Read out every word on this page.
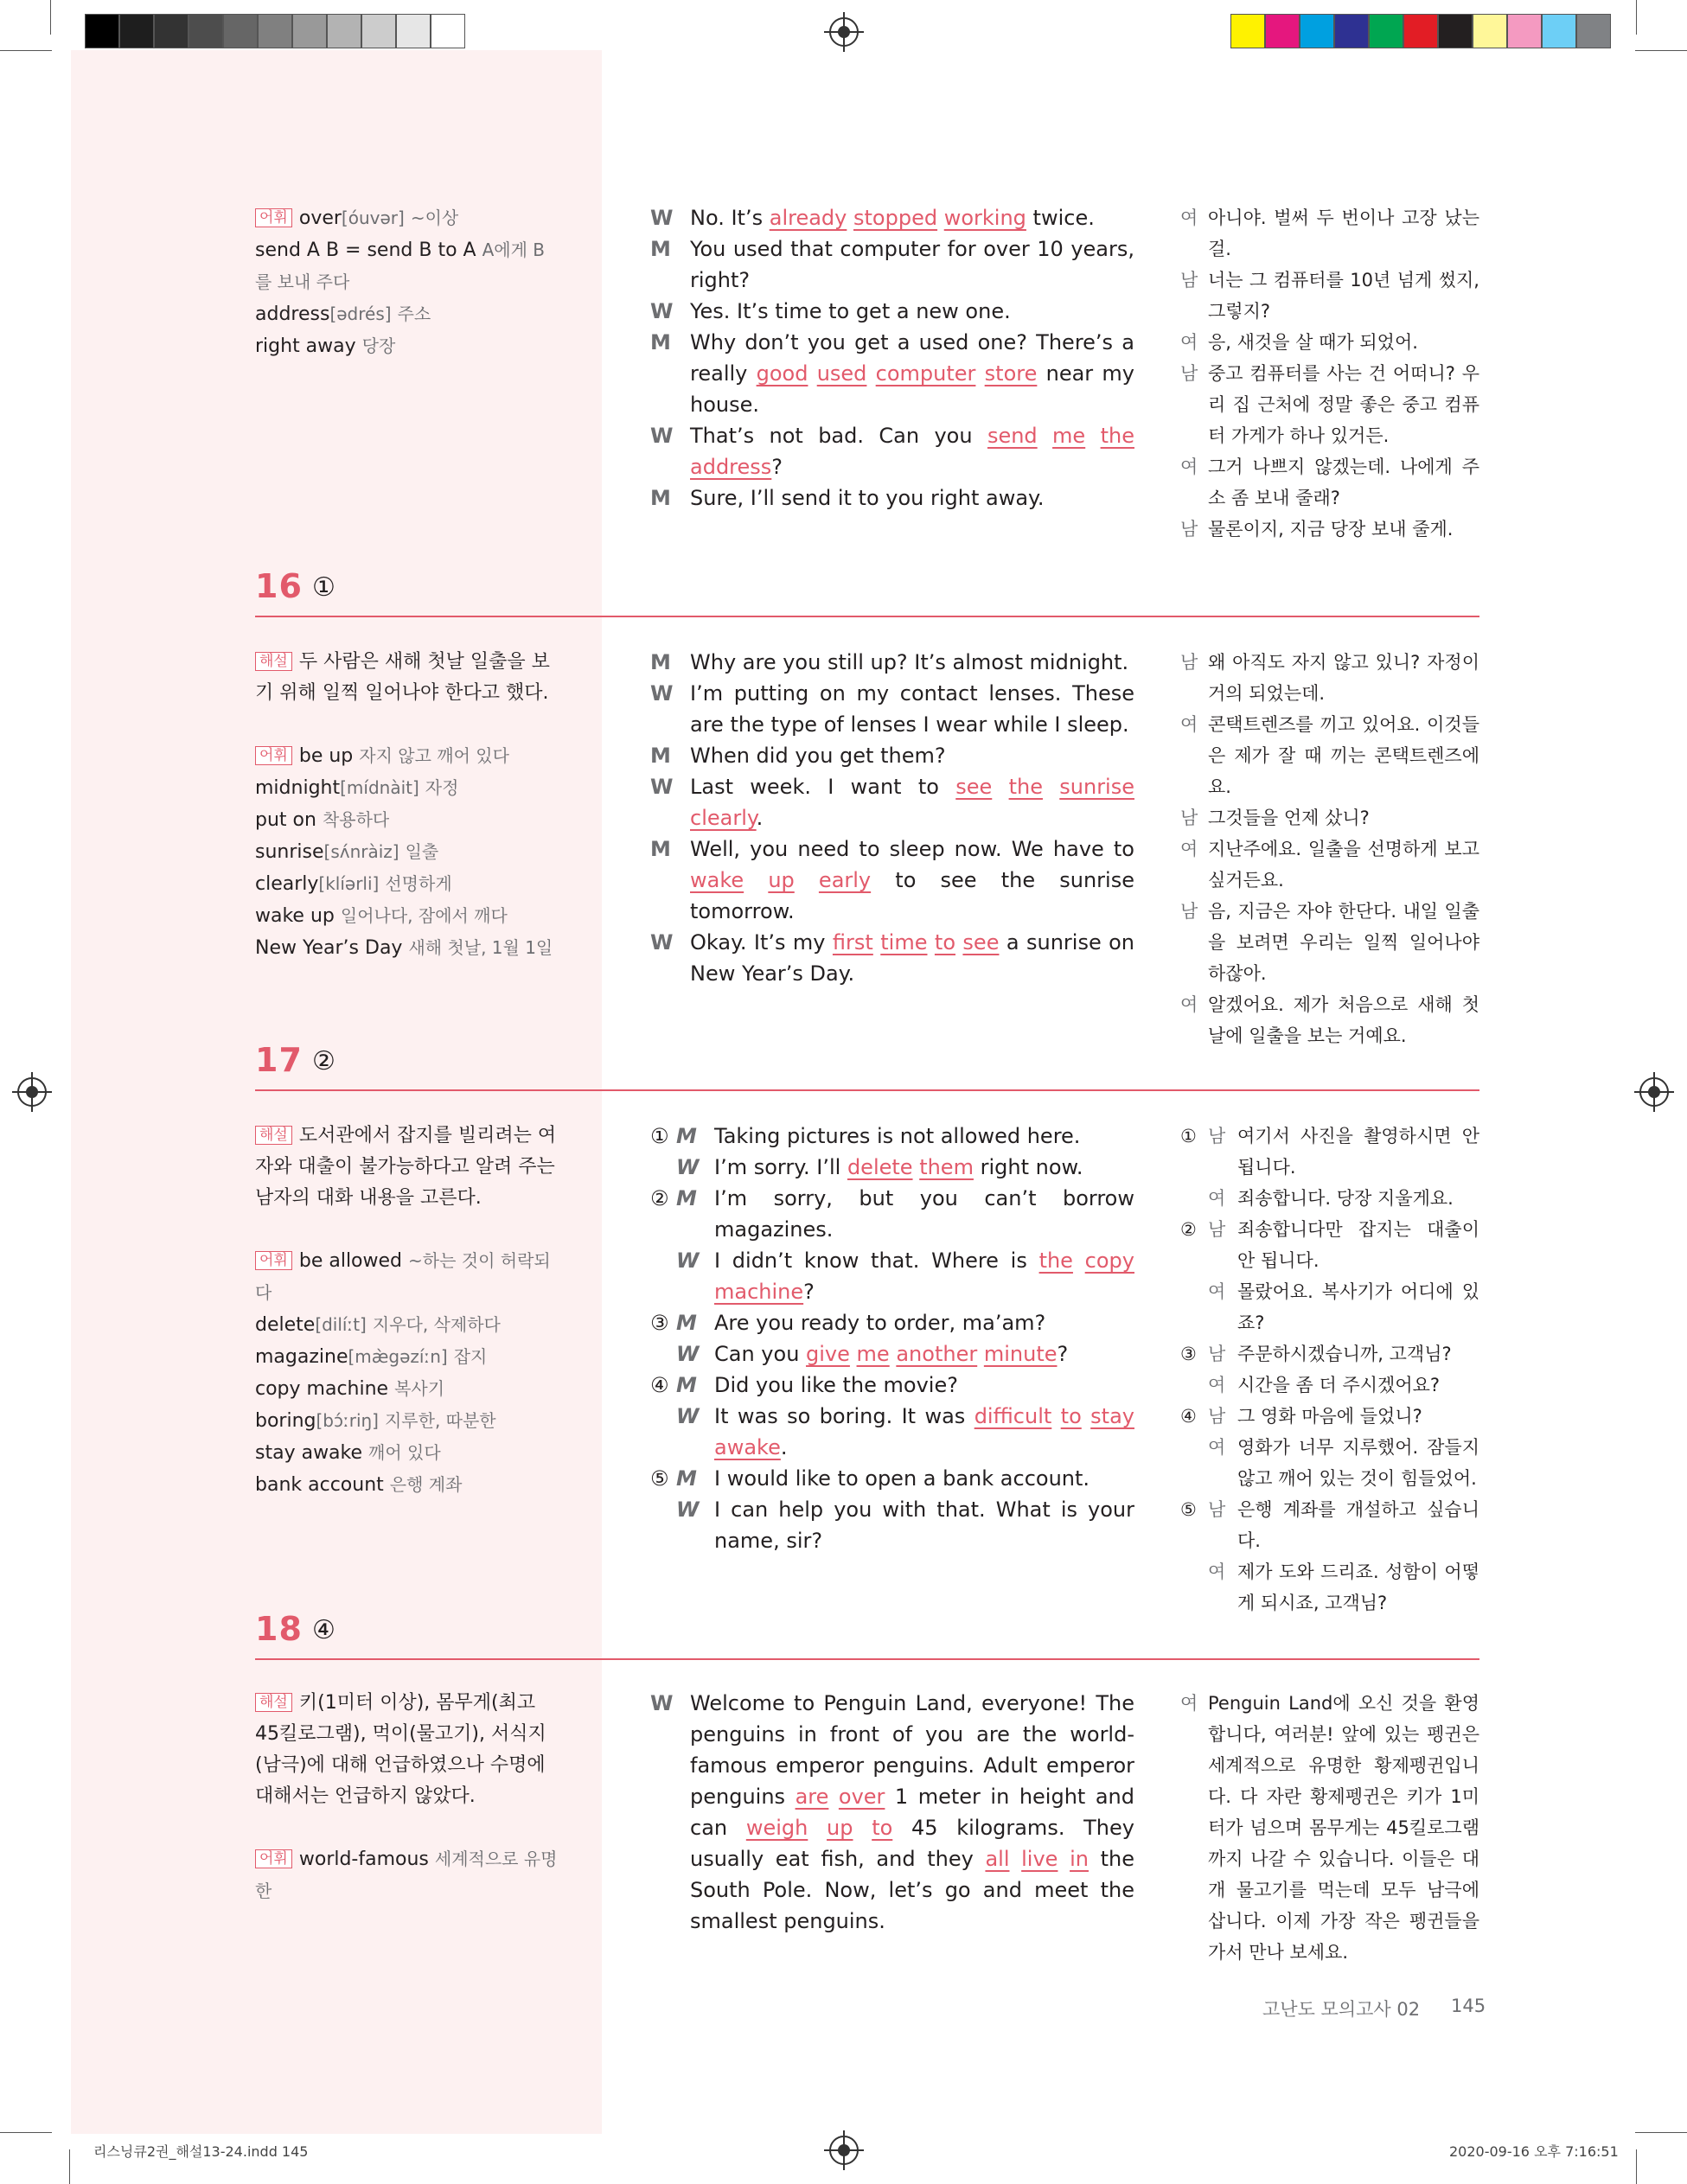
어휘 over[óuvər] ~이상
send A B = send B to A A에게 B를 보내 주다
address[ədrés] 주소
right away 당장
W No. It’s already stopped working twice.
M You used that computer for over 10 years, right?
W Yes. It’s time to get a new one.
M Why don’t you get a used one? There’s a really good used computer store near my house.
W That’s not bad. Can you send me the address?
M Sure, I’ll send it to you right away.
여 아니야. 벌써 두 번이나 고장 났는걸.
남 너는 그 컴퓨터를 10년 넘게 썼지, 그렇지?
여 응, 새것을 살 때가 되었어.
남 중고 컴퓨터를 사는 건 어떠니? 우리 집 근처에 정말 좋은 중고 컴퓨터 가게가 하나 있거든.
여 그거 나쁘지 않겠는데. 나에게 주소 좀 보내 줄래?
남 물론이지, 지금 당장 보내 줄게.
16 ①
해설 두 사람은 새해 첫날 일출을 보기 위해 일찍 일어나야 한다고 했다.
어휘 be up 자지 않고 깨어 있다
midnight[mídnàit] 자정
put on 착용하다
sunrise[sʌ́nràiz] 일출
clearly[klíərli] 선명하게
wake up 일어나다, 잠에서 깨다
New Year’s Day 새해 첫날, 1월 1일
M Why are you still up? It’s almost midnight.
W I’m putting on my contact lenses. These are the type of lenses I wear while I sleep.
M When did you get them?
W Last week. I want to see the sunrise clearly.
M Well, you need to sleep now. We have to wake up early to see the sunrise tomorrow.
W Okay. It’s my first time to see a sunrise on New Year’s Day.
남 왜 아직도 자지 않고 있니? 자정이 거의 되었는데.
여 콘택트렌즈를 끼고 있어요. 이것들은 제가 잘 때 끼는 콘택트렌즈에요.
남 그것들을 언제 샀니?
여 지난주에요. 일출을 선명하게 보고 싶거든요.
남 음, 지금은 자야 한단다. 내일 일출을 보려면 우리는 일찍 일어나야 하잖아.
여 알겠어요. 제가 처음으로 새해 첫날에 일출을 보는 거예요.
17 ②
해설 도서관에서 잡지를 빌리려는 여자와 대출이 불가능하다고 알려 주는 남자의 대화 내용을 고른다.
어휘 be allowed ~하는 것이 허락되다
delete[dilíːt] 지우다, 삭제하다
magazine[mæ̀gəzíːn] 잡지
copy machine 복사기
boring[bɔ́ːriŋ] 지루한, 따분한
stay awake 깨어 있다
bank account 은행 계좌
① M Taking pictures is not allowed here.
W I’m sorry. I’ll delete them right now.
② M I’m sorry, but you can’t borrow magazines.
W I didn’t know that. Where is the copy machine?
③ M Are you ready to order, ma’am?
W Can you give me another minute?
④ M Did you like the movie?
W It was so boring. It was difficult to stay awake.
⑤ M I would like to open a bank account.
W I can help you with that. What is your name, sir?
① 남 여기서 사진을 촬영하시면 안 됩니다.
여 죄송합니다. 당장 지울게요.
② 남 죄송합니다만 잡지는 대출이 안 됩니다.
여 몰랐어요. 복사기가 어디에 있죠?
③ 남 주문하시겠습니까, 고객님?
여 시간을 좀 더 주시겠어요?
④ 남 그 영화 마음에 들었니?
여 영화가 너무 지루했어. 잠들지 않고 깨어 있는 것이 힘들었어.
⑤ 남 은행 계좌를 개설하고 싶습니다.
여 제가 도와 드리죠. 성함이 어떻게 되시죠, 고객님?
18 ④
해설 키(1미터 이상), 몸무게(최고 45킬로그램), 먹이(물고기), 서식지(남극)에 대해 언급하였으나 수명에 대해서는 언급하지 않았다.
어휘 world-famous 세계적으로 유명한
W Welcome to Penguin Land, everyone! The penguins in front of you are the world-famous emperor penguins. Adult emperor penguins are over 1 meter in height and can weigh up to 45 kilograms. They usually eat fish, and they all live in the South Pole. Now, let’s go and meet the smallest penguins.
여 Penguin Land에 오신 것을 환영합니다, 여러분! 앞에 있는 펭귄은 세계적으로 유명한 황제펭귄입니다. 다 자란 황제펭귄은 키가 1미터가 넘으며 몸무게는 45킬로그램까지 나갈 수 있습니다. 이들은 대개 물고기를 먹는데 모두 남극에 삽니다. 이제 가장 작은 펭귄들을 가서 만나 보세요.
고난도 모의고사 02 145
리스닝큐2권_해설13-24.indd 145	2020-09-16 오후 7:16:51
